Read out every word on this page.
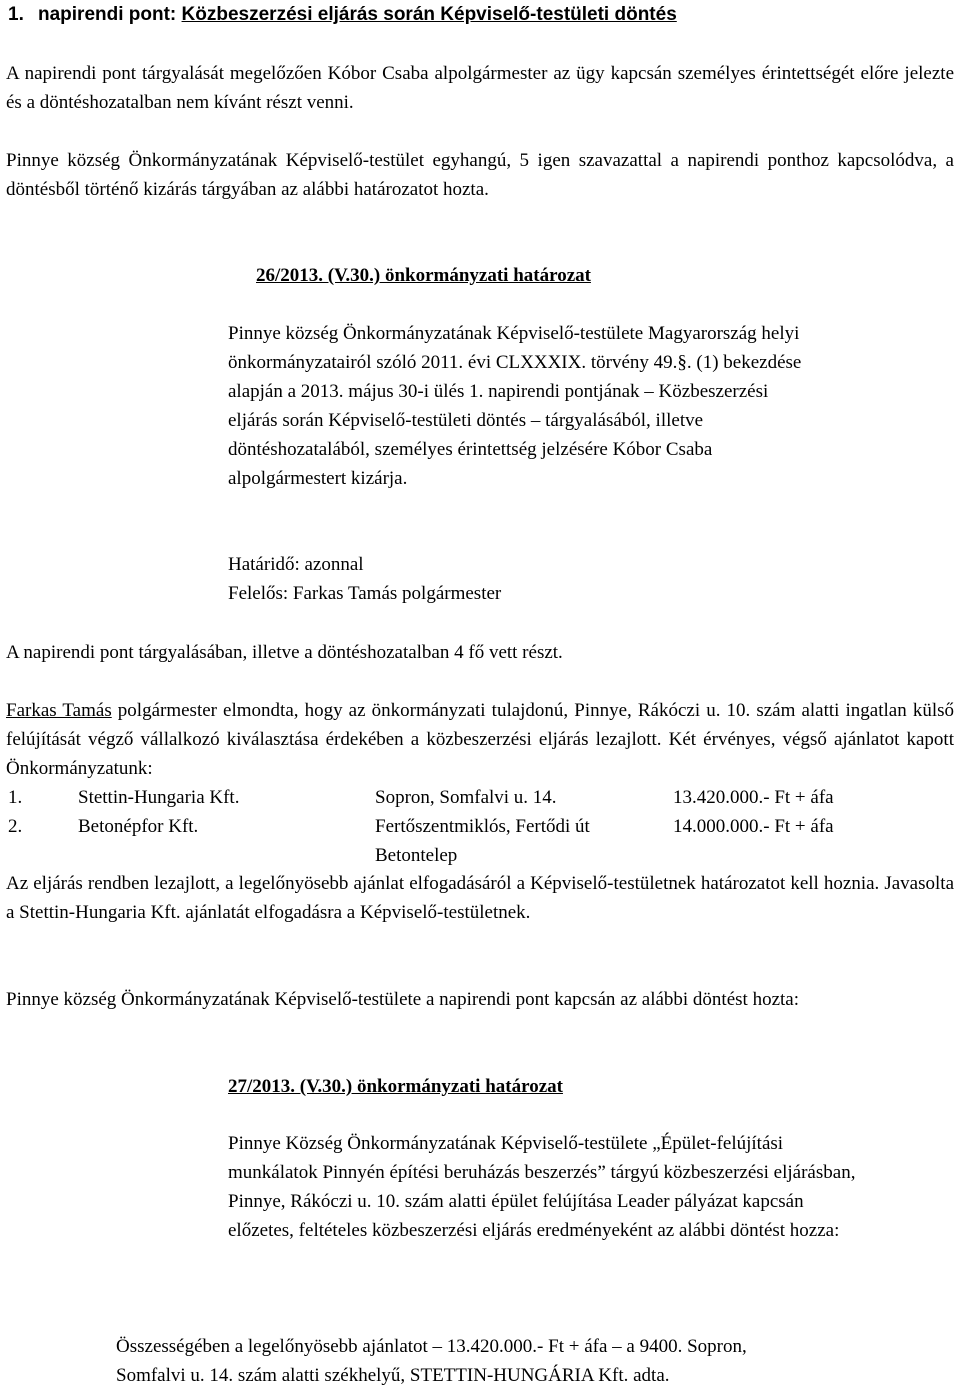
1. napirendi pont: Közbeszerzési eljárás során Képviselő-testületi döntés

A napirendi pont tárgyalását megelőzően Kóbor Csaba alpolgármester az ügy kapcsán személyes érintettségét előre jelezte és a döntéshozatalban nem kívánt részt venni.

Pinnye község Önkormányzatának Képviselő-testület egyhangú, 5 igen szavazattal a napirendi ponthoz kapcsolódva, a döntésből történő kizárás tárgyában az alábbi határozatot hozta.

26/2013. (V.30.) önkormányzati határozat

Pinnye község Önkormányzatának Képviselő-testülete Magyarország helyi önkormányzatairól szóló 2011. évi CLXXXIX. törvény 49.§. (1) bekezdése alapján a 2013. május 30-i ülés 1. napirendi pontjának – Közbeszerzési eljárás során Képviselő-testületi döntés – tárgyalásából, illetve döntéshozatalából, személyes érintettség jelzésére Kóbor Csaba alpolgármestert kizárja.

Határidő: azonnal
Felelős: Farkas Tamás polgármester

A napirendi pont tárgyalásában, illetve a döntéshozatalban 4 fő vett részt.

Farkas Tamás polgármester elmondta, hogy az önkormányzati tulajdonú, Pinnye, Rákóczi u. 10. szám alatti ingatlan külső felújítását végző vállalkozó kiválasztása érdekében a közbeszerzési eljárás lezajlott. Két érvényes, végső ajánlatot kapott Önkormányzatunk:

1.	Stettin-Hungaria Kft.	Sopron, Somfalvi u. 14.	13.420.000.- Ft + áfa
2.	Betonépfor Kft.	Fertőszentmiklós, Fertődi út	14.000.000.- Ft + áfa
Betontelep

Az eljárás rendben lezajlott, a legelőnyösebb ajánlat elfogadásáról a Képviselő-testületnek határozatot kell hoznia. Javasolta a Stettin-Hungaria Kft. ajánlatát elfogadásra a Képviselő-testületnek.

Pinnye község Önkormányzatának Képviselő-testülete a napirendi pont kapcsán az alábbi döntést hozta:

27/2013. (V.30.) önkormányzati határozat

Pinnye Község Önkormányzatának Képviselő-testülete „Épület-felújítási munkálatok Pinnyén építési beruházás beszerzés” tárgyú közbeszerzési eljárásban, Pinnye, Rákóczi u. 10. szám alatti épület felújítása Leader pályázat kapcsán előzetes, feltételes közbeszerzési eljárás eredményeként az alábbi döntést hozza:

Összességében a legelőnyösebb ajánlatot – 13.420.000.- Ft + áfa – a 9400. Sopron,
Somfalvi u. 14. szám alatti székhelyű, STETTIN-HUNGÁRIA Kft. adta.
